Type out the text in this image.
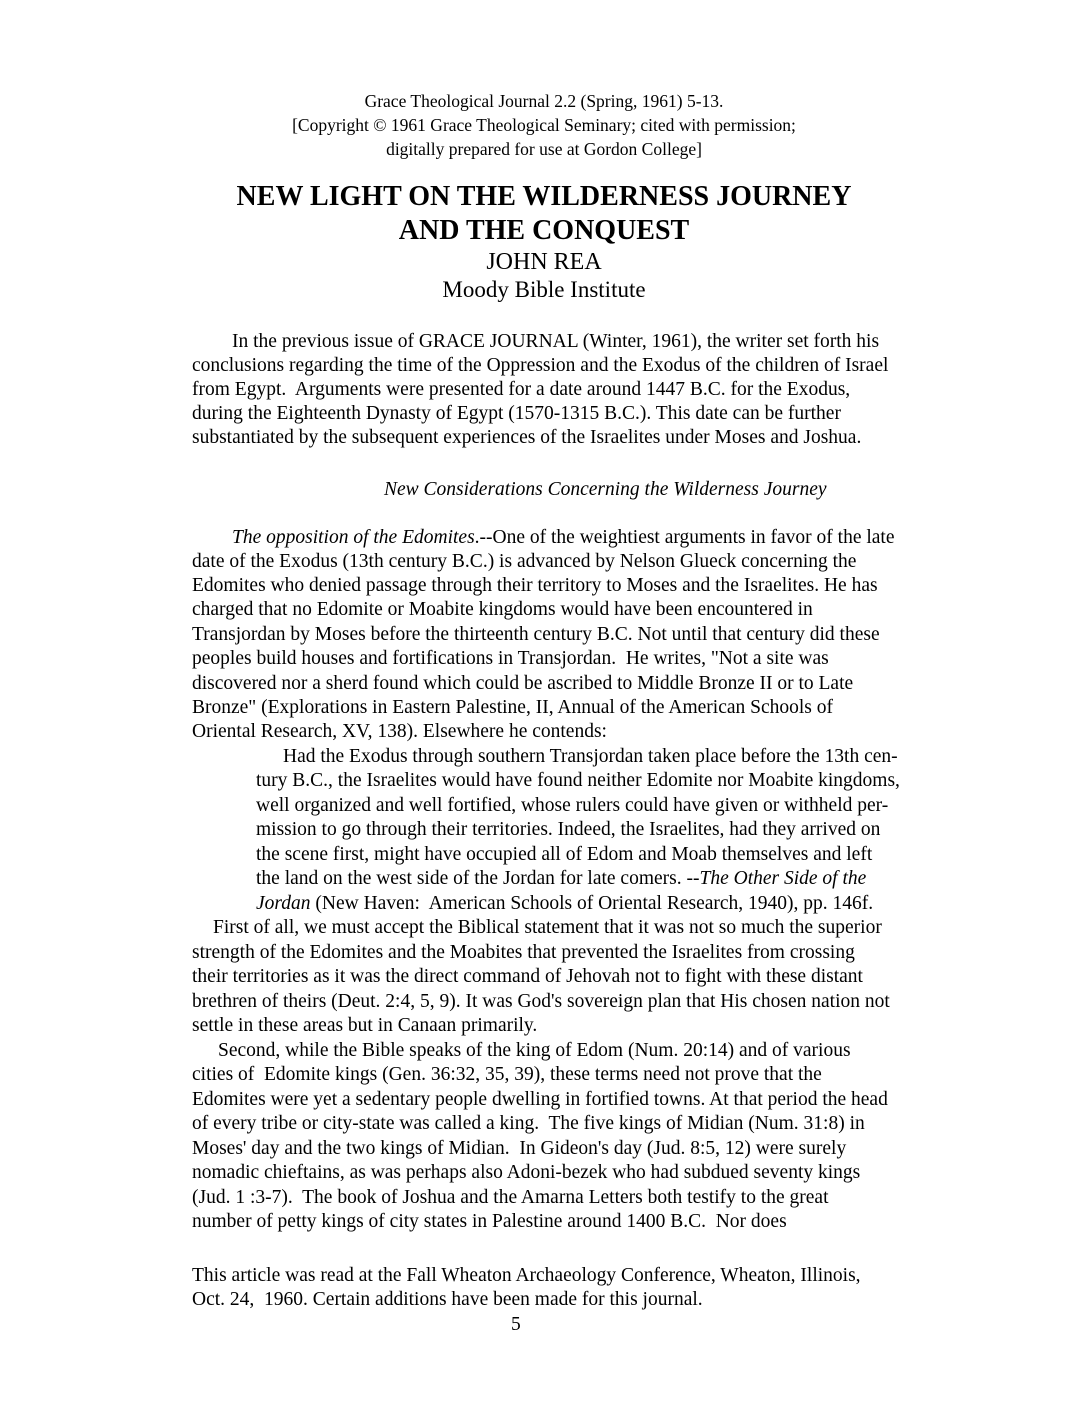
Grace Theological Journal 2.2 (Spring, 1961) 5-13.
[Copyright © 1961 Grace Theological Seminary; cited with permission;
digitally prepared for use at Gordon College]
NEW LIGHT ON THE WILDERNESS JOURNEY
AND THE CONQUEST
JOHN REA
Moody Bible Institute
In the previous issue of GRACE JOURNAL (Winter, 1961), the writer set forth his
conclusions regarding the time of the Oppression and the Exodus of the children of Israel
from Egypt.  Arguments were presented for a date around 1447 B.C. for the Exodus,
during the Eighteenth Dynasty of Egypt (1570-1315 B.C.). This date can be further
substantiated by the subsequent experiences of the Israelites under Moses and Joshua.
New Considerations Concerning the Wilderness Journey
The opposition of the Edomites.--One of the weightiest arguments in favor of the late
date of the Exodus (13th century B.C.) is advanced by Nelson Glueck concerning the
Edomites who denied passage through their territory to Moses and the Israelites. He has
charged that no Edomite or Moabite kingdoms would have been encountered in
Transjordan by Moses before the thirteenth century B.C. Not until that century did these
peoples build houses and fortifications in Transjordan.  He writes, "Not a site was
discovered nor a sherd found which could be ascribed to Middle Bronze II or to Late
Bronze" (Explorations in Eastern Palestine, II, Annual of the American Schools of
Oriental Research, XV, 138). Elsewhere he contends:
Had the Exodus through southern Transjordan taken place before the 13th cen-
tury B.C., the Israelites would have found neither Edomite nor Moabite kingdoms,
well organized and well fortified, whose rulers could have given or withheld per-
mission to go through their territories. Indeed, the Israelites, had they arrived on
the scene first, might have occupied all of Edom and Moab themselves and left
the land on the west side of the Jordan for late comers. --The Other Side of the
Jordan (New Haven:  American Schools of Oriental Research, 1940), pp. 146f.
First of all, we must accept the Biblical statement that it was not so much the superior
strength of the Edomites and the Moabites that prevented the Israelites from crossing
their territories as it was the direct command of Jehovah not to fight with these distant
brethren of theirs (Deut. 2:4, 5, 9). It was God's sovereign plan that His chosen nation not
settle in these areas but in Canaan primarily.
Second, while the Bible speaks of the king of Edom (Num. 20:14) and of various
cities of  Edomite kings (Gen. 36:32, 35, 39), these terms need not prove that the
Edomites were yet a sedentary people dwelling in fortified towns. At that period the head
of every tribe or city-state was called a king.  The five kings of Midian (Num. 31:8) in
Moses' day and the two kings of Midian.  In Gideon's day (Jud. 8:5, 12) were surely
nomadic chieftains, as was perhaps also Adoni-bezek who had subdued seventy kings
(Jud. 1 :3-7).  The book of Joshua and the Amarna Letters both testify to the great
number of petty kings of city states in Palestine around 1400 B.C.  Nor does
This article was read at the Fall Wheaton Archaeology Conference, Wheaton, Illinois,
Oct. 24,  1960. Certain additions have been made for this journal.
5
